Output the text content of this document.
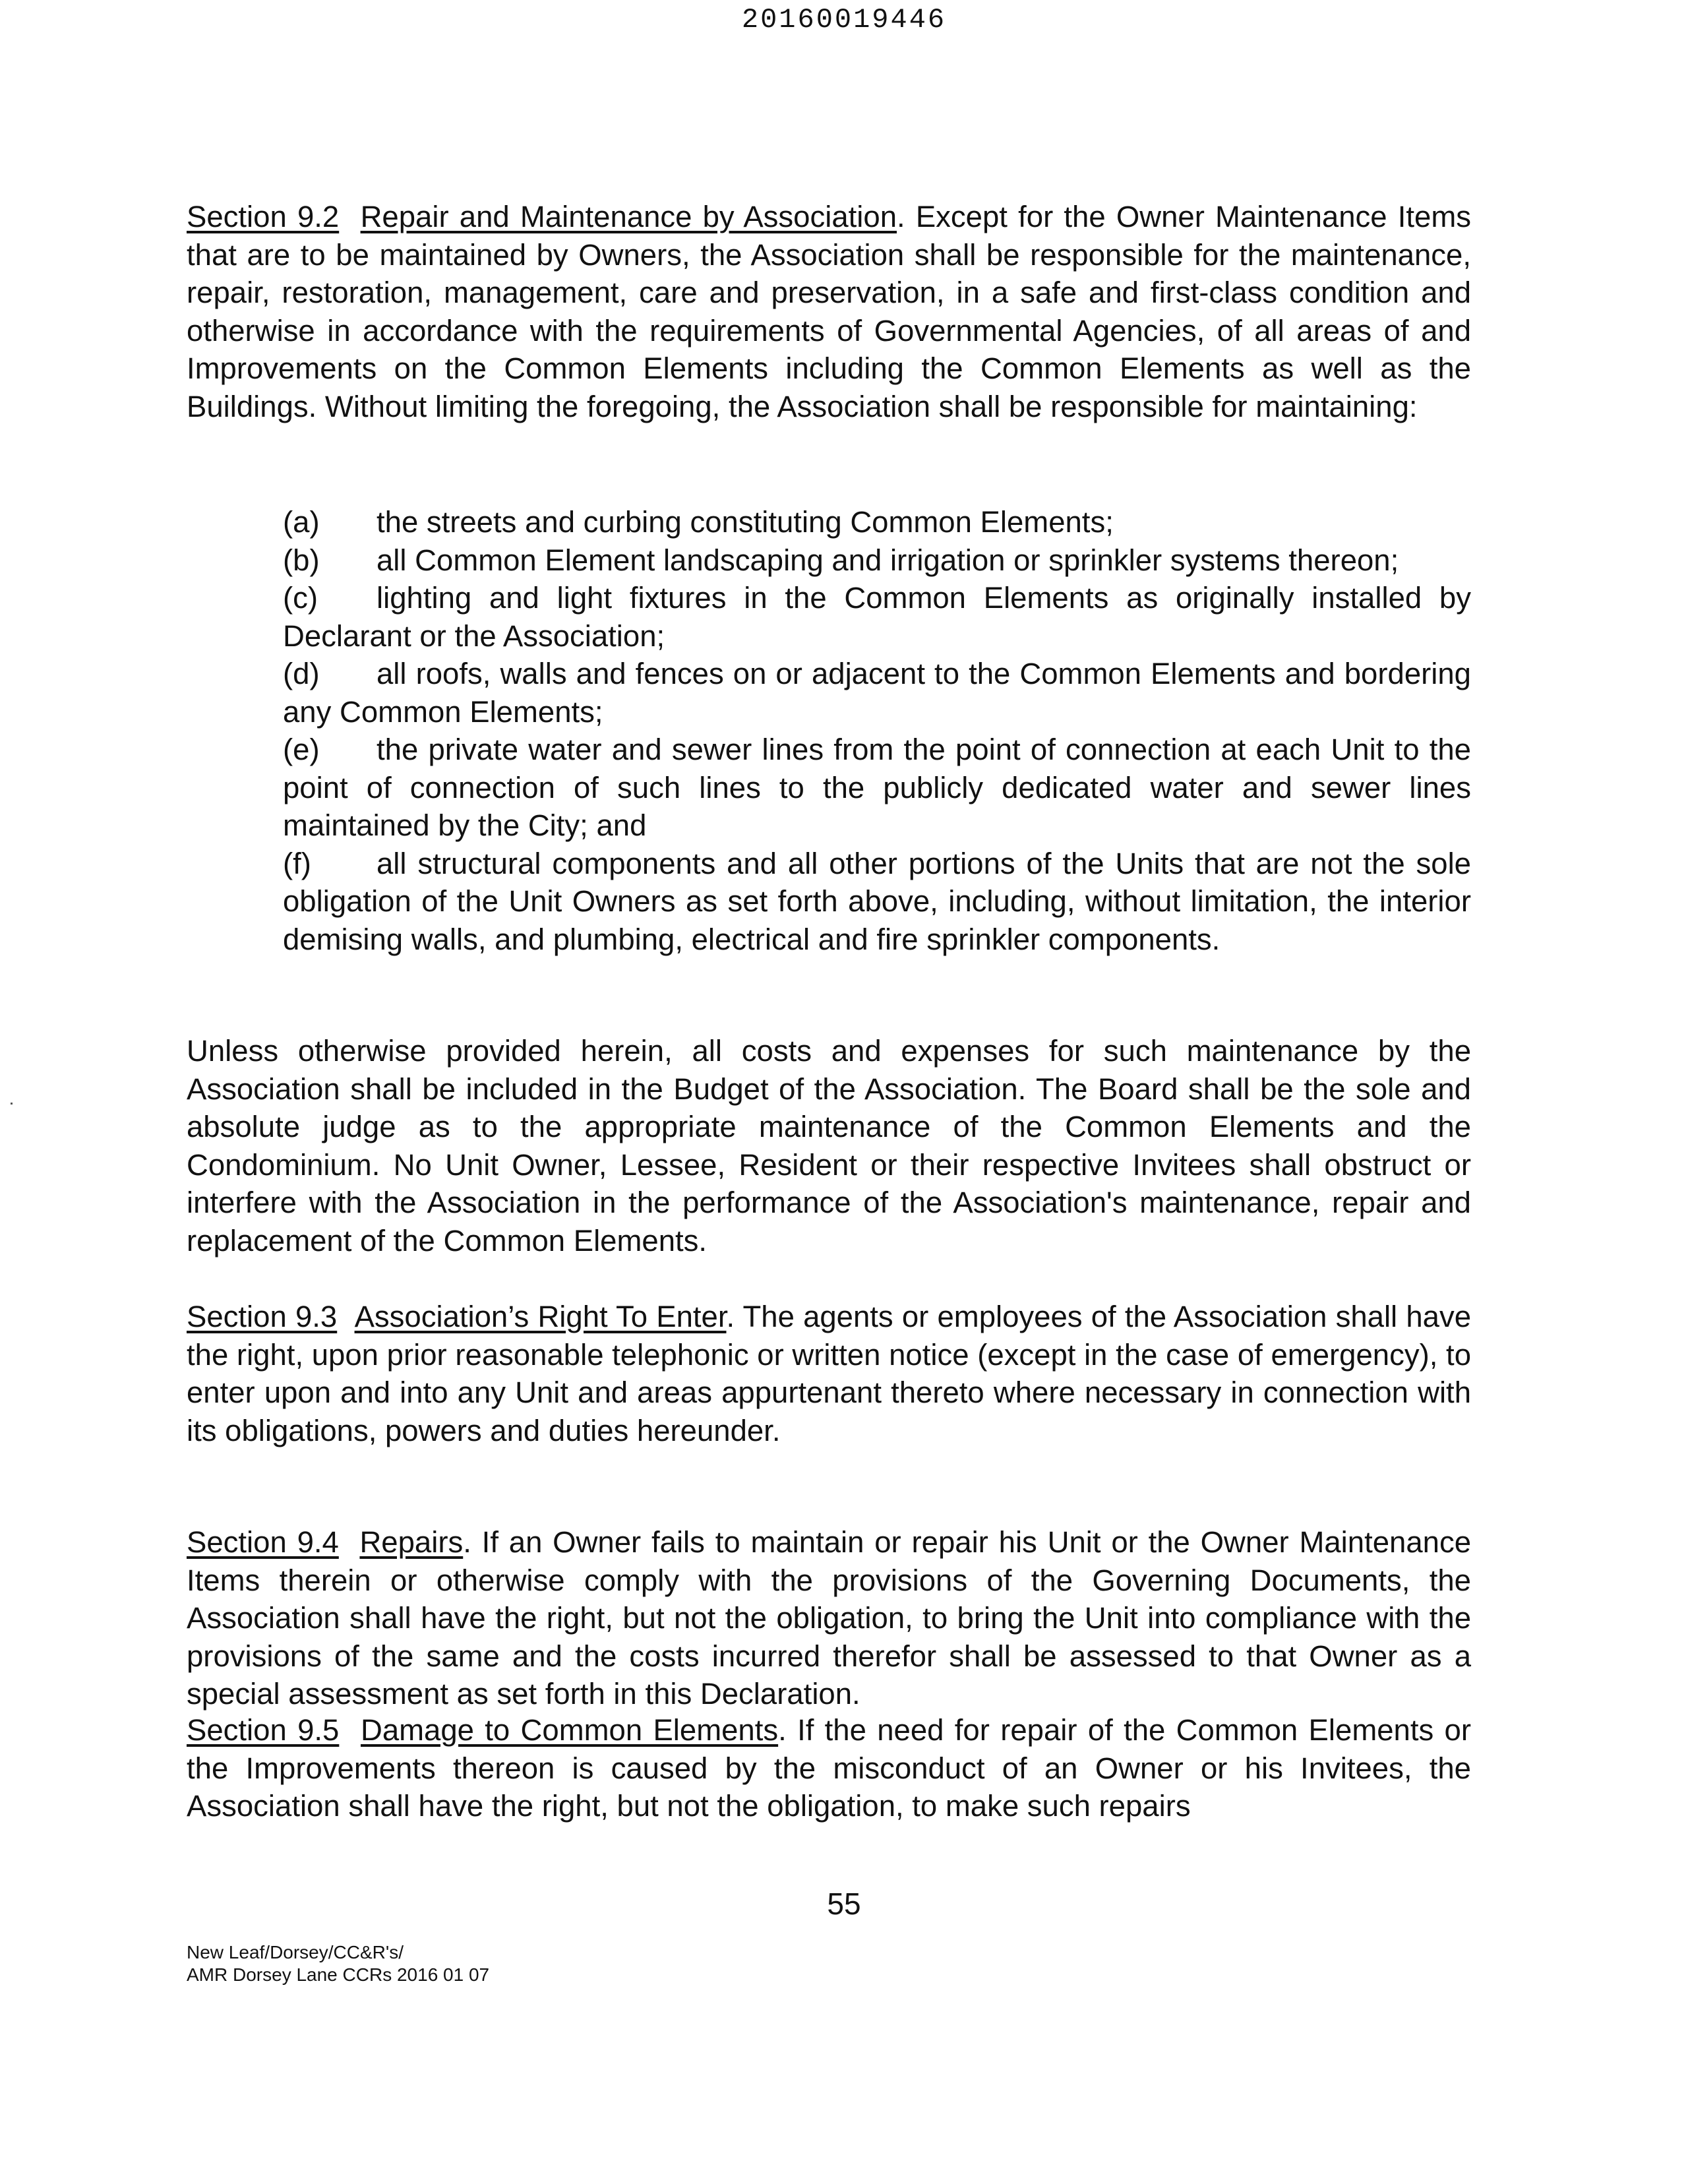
20160019446

Section 9.2 Repair and Maintenance by Association. Except for the Owner Maintenance Items that are to be maintained by Owners, the Association shall be responsible for the maintenance, repair, restoration, management, care and preservation, in a safe and first-class condition and otherwise in accordance with the requirements of Governmental Agencies, of all areas of and Improvements on the Common Elements including the Common Elements as well as the Buildings. Without limiting the foregoing, the Association shall be responsible for maintaining:

(a) the streets and curbing constituting Common Elements;

(b) all Common Element landscaping and irrigation or sprinkler systems thereon;

(c) lighting and light fixtures in the Common Elements as originally installed by Declarant or the Association;

(d) all roofs, walls and fences on or adjacent to the Common Elements and bordering any Common Elements;

(e) the private water and sewer lines from the point of connection at each Unit to the point of connection of such lines to the publicly dedicated water and sewer lines maintained by the City; and

(f) all structural components and all other portions of the Units that are not the sole obligation of the Unit Owners as set forth above, including, without limitation, the interior demising walls, and plumbing, electrical and fire sprinkler components.

Unless otherwise provided herein, all costs and expenses for such maintenance by the Association shall be included in the Budget of the Association. The Board shall be the sole and absolute judge as to the appropriate maintenance of the Common Elements and the Condominium. No Unit Owner, Lessee, Resident or their respective Invitees shall obstruct or interfere with the Association in the performance of the Association's maintenance, repair and replacement of the Common Elements.

Section 9.3 Association’s Right To Enter. The agents or employees of the Association shall have the right, upon prior reasonable telephonic or written notice (except in the case of emergency), to enter upon and into any Unit and areas appurtenant thereto where necessary in connection with its obligations, powers and duties hereunder.

Section 9.4 Repairs. If an Owner fails to maintain or repair his Unit or the Owner Maintenance Items therein or otherwise comply with the provisions of the Governing Documents, the Association shall have the right, but not the obligation, to bring the Unit into compliance with the provisions of the same and the costs incurred therefor shall be assessed to that Owner as a special assessment as set forth in this Declaration.

Section 9.5 Damage to Common Elements. If the need for repair of the Common Elements or the Improvements thereon is caused by the misconduct of an Owner or his Invitees, the Association shall have the right, but not the obligation, to make such repairs

55
New Leaf/Dorsey/CC&R's/
AMR Dorsey Lane CCRs 2016 01 07
